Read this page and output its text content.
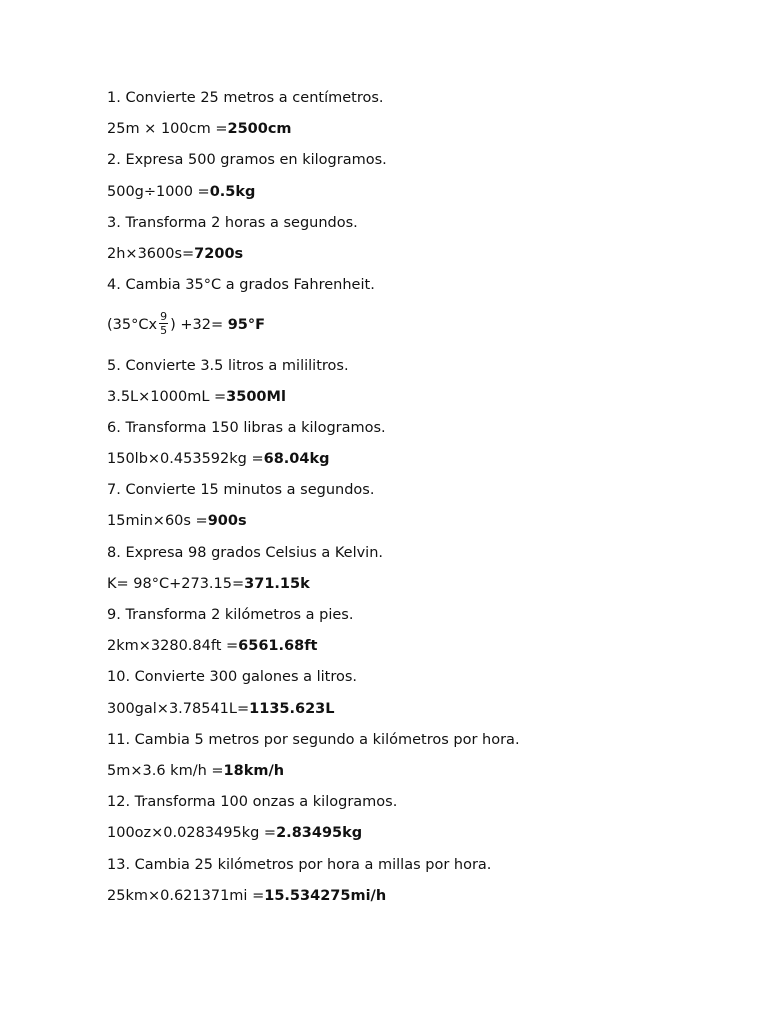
1. Convierte 25 metros a centímetros.
25m × 100cm =2500cm
2. Expresa 500 gramos en kilogramos.
500g÷1000 =0.5kg
3. Transforma 2 horas a segundos.
2h×3600s=7200s
4. Cambia 35°C a grados Fahrenheit.
($35^\circ Cx \frac{9}{5}$ ) +32= 95°F
5. Convierte 3.5 litros a mililitros.
3.5L×1000mL =3500Ml
6. Transforma 150 libras a kilogramos.
150lb×0.453592kg =68.04kg
7. Convierte 15 minutos a segundos.
15min×60s =900s
8. Expresa 98 grados Celsius a Kelvin.
K= 98°C+273.15=371.15k
9. Transforma 2 kilómetros a pies.
2km×3280.84ft =6561.68ft
10. Convierte 300 galones a litros.
300gal×3.78541L=1135.623L
11. Cambia 5 metros por segundo a kilómetros por hora.
5m×3.6 km/h =18km/h
12. Transforma 100 onzas a kilogramos.
100oz×0.0283495kg =2.83495kg
13. Cambia 25 kilómetros por hora a millas por hora.
25km×0.621371mi =15.534275mi/h
